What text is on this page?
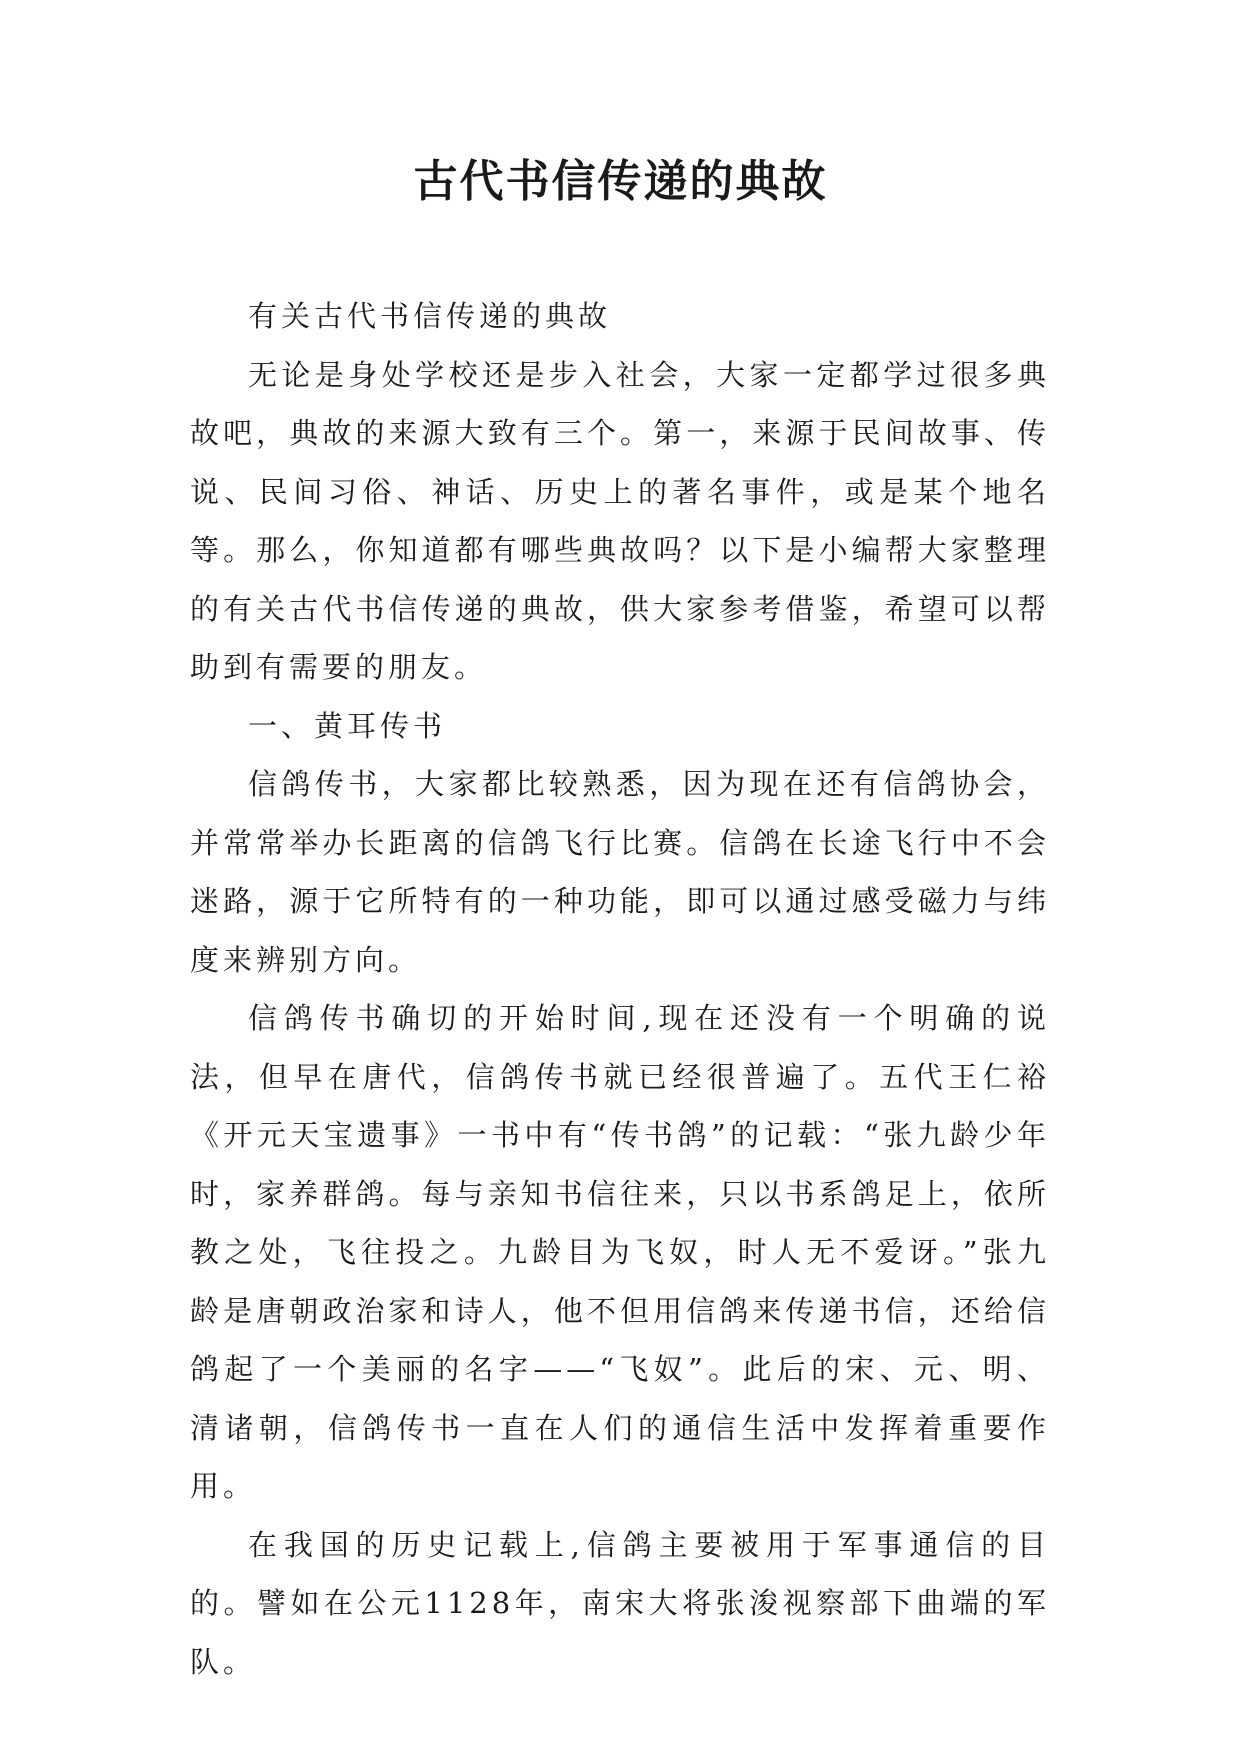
古代书信传递的典故

有关古代书信传递的典故

无论是身处学校还是步入社会，大家一定都学过很多典故吧，典故的来源大致有三个。第一，来源于民间故事、传说、民间习俗、神话、历史上的著名事件，或是某个地名等。那么，你知道都有哪些典故吗？以下是小编帮大家整理的有关古代书信传递的典故，供大家参考借鉴，希望可以帮助到有需要的朋友。

一、黄耳传书

信鸽传书，大家都比较熟悉，因为现在还有信鸽协会，并常常举办长距离的信鸽飞行比赛。信鸽在长途飞行中不会迷路，源于它所特有的一种功能，即可以通过感受磁力与纬度来辨别方向。

信鸽传书确切的开始时间,现在还没有一个明确的说法，但早在唐代，信鸽传书就已经很普遍了。五代王仁裕《开元天宝遗事》一书中有“传书鸽”的记载：“张九龄少年时，家养群鸽。每与亲知书信往来，只以书系鸽足上，依所教之处，飞往投之。九龄目为飞奴，时人无不爱讶。”张九龄是唐朝政治家和诗人，他不但用信鸽来传递书信，还给信鸽起了一个美丽的名字——“飞奴”。此后的宋、元、明、清诸朝，信鸽传书一直在人们的通信生活中发挥着重要作用。

在我国的历史记载上,信鸽主要被用于军事通信的目的。譬如在公元1128年，南宋大将张浚视察部下曲端的军队。
